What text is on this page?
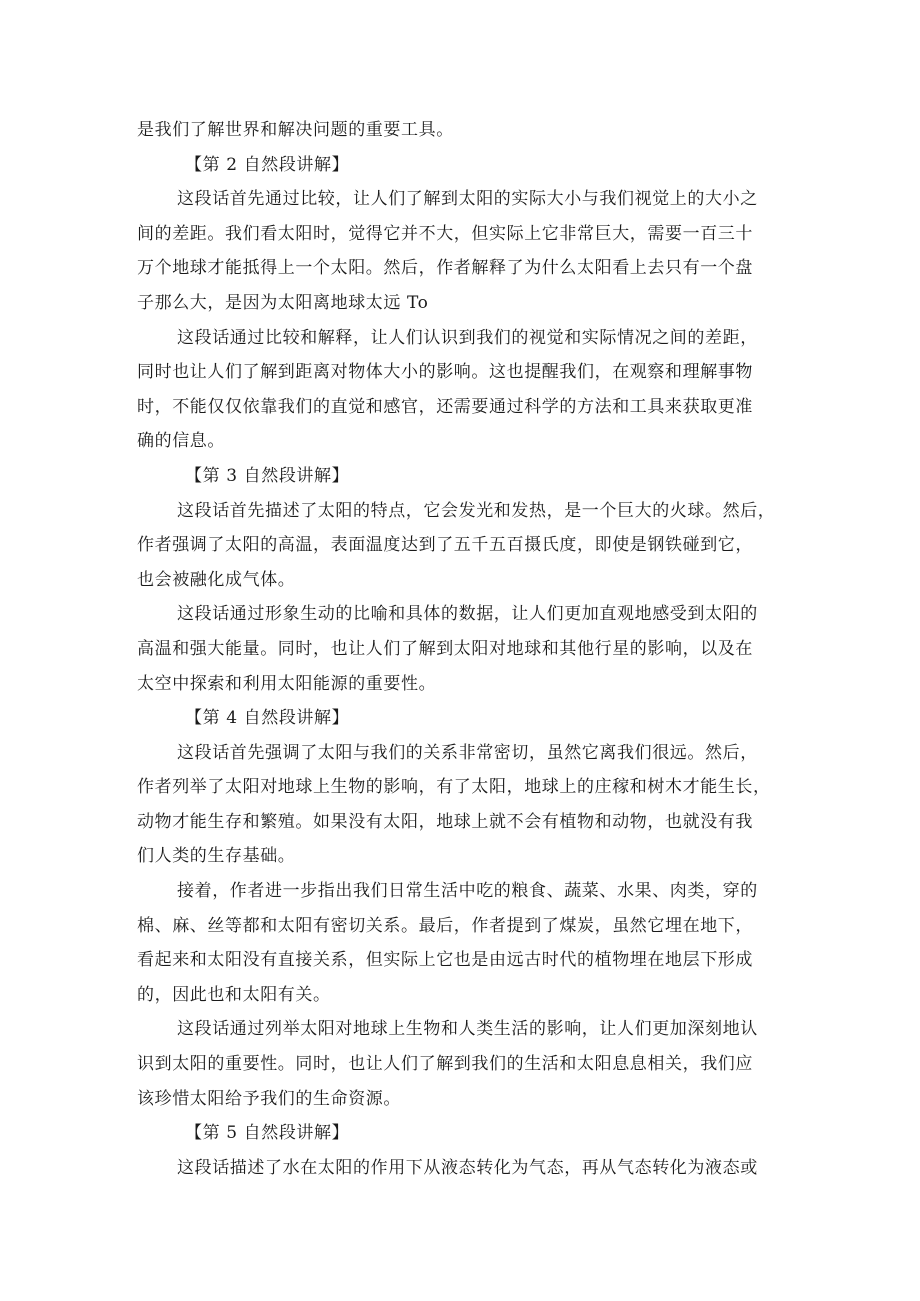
是我们了解世界和解决问题的重要工具。
【第 2 自然段讲解】
这段话首先通过比较，让人们了解到太阳的实际大小与我们视觉上的大小之
间的差距。我们看太阳时，觉得它并不大，但实际上它非常巨大，需要一百三十
万个地球才能抵得上一个太阳。然后，作者解释了为什么太阳看上去只有一个盘
子那么大，是因为太阳离地球太远 To
这段话通过比较和解释，让人们认识到我们的视觉和实际情况之间的差距，
同时也让人们了解到距离对物体大小的影响。这也提醒我们，在观察和理解事物
时，不能仅仅依靠我们的直觉和感官，还需要通过科学的方法和工具来获取更准
确的信息。
【第 3 自然段讲解】
这段话首先描述了太阳的特点，它会发光和发热，是一个巨大的火球。然后，
作者强调了太阳的高温，表面温度达到了五千五百摄氏度，即使是钢铁碰到它，
也会被融化成气体。
这段话通过形象生动的比喻和具体的数据，让人们更加直观地感受到太阳的
高温和强大能量。同时，也让人们了解到太阳对地球和其他行星的影响，以及在
太空中探索和利用太阳能源的重要性。
【第 4 自然段讲解】
这段话首先强调了太阳与我们的关系非常密切，虽然它离我们很远。然后，
作者列举了太阳对地球上生物的影响，有了太阳，地球上的庄稼和树木才能生长，
动物才能生存和繁殖。如果没有太阳，地球上就不会有植物和动物，也就没有我
们人类的生存基础。
接着，作者进一步指出我们日常生活中吃的粮食、蔬菜、水果、肉类，穿的
棉、麻、丝等都和太阳有密切关系。最后，作者提到了煤炭，虽然它埋在地下，
看起来和太阳没有直接关系，但实际上它也是由远古时代的植物埋在地层下形成
的，因此也和太阳有关。
这段话通过列举太阳对地球上生物和人类生活的影响，让人们更加深刻地认
识到太阳的重要性。同时，也让人们了解到我们的生活和太阳息息相关，我们应
该珍惜太阳给予我们的生命资源。
【第 5 自然段讲解】
这段话描述了水在太阳的作用下从液态转化为气态，再从气态转化为液态或
